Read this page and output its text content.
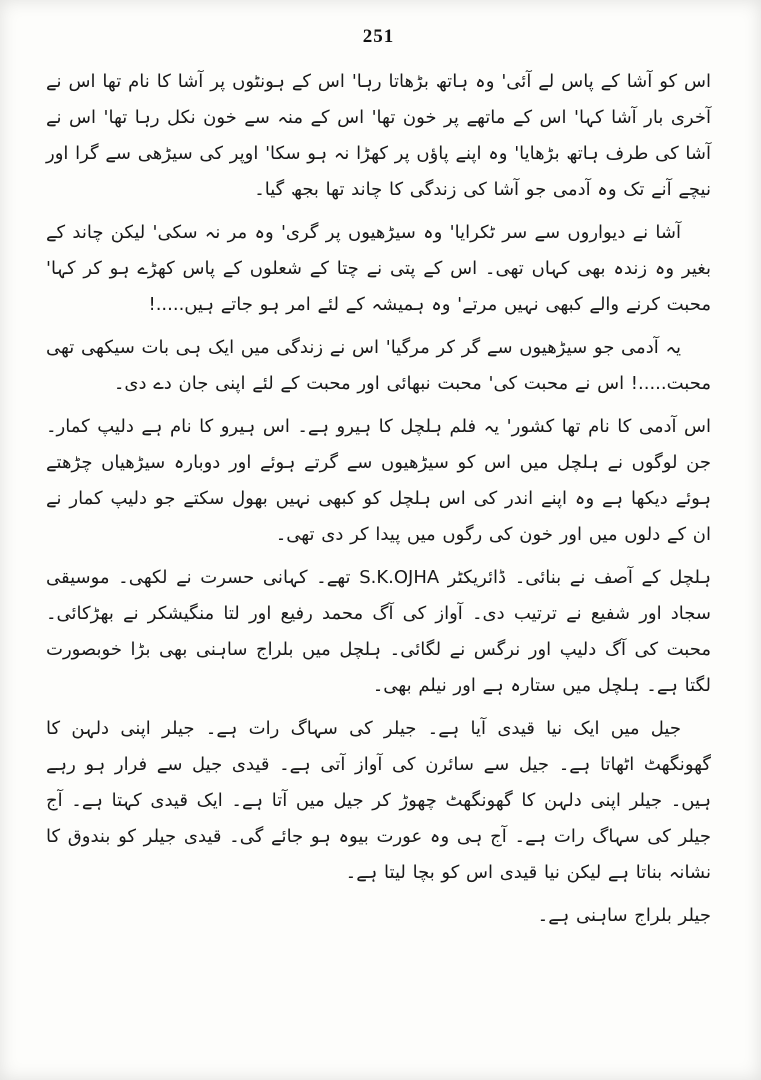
251

اس کو آشا کے پاس لے آئی' وہ ہاتھ بڑھاتا رہا' اس کے ہونٹوں پر آشا کا نام تھا اس نے آخری بار آشا کہا' اس کے ماتھے پر خون تھا' اس کے منہ سے خون نکل رہا تھا' اس نے آشا کی طرف ہاتھ بڑھایا' وہ اپنے پاؤں پر کھڑا نہ ہو سکا' اوپر کی سیڑھی سے گرا اور نیچے آنے تک وہ آدمی جو آشا کی زندگی کا چاند تھا بجھ گیا۔

آشا نے دیواروں سے سر ٹکرایا' وہ سیڑھیوں پر گری' وہ مر نہ سکی' لیکن چاند کے بغیر وہ زندہ بھی کہاں تھی۔ اس کے پتی نے چتا کے شعلوں کے پاس کھڑے ہو کر کہا' محبت کرنے والے کبھی نہیں مرتے' وہ ہمیشہ کے لئے امر ہو جاتے ہیں.....!

یہ آدمی جو سیڑھیوں سے گر کر مرگیا' اس نے زندگی میں ایک ہی بات سیکھی تھی محبت.....! اس نے محبت کی' محبت نبھائی اور محبت کے لئے اپنی جان دے دی۔

اس آدمی کا نام تھا کشور' یہ فلم ہلچل کا ہیرو ہے۔ اس ہیرو کا نام ہے دلیپ کمار۔ جن لوگوں نے ہلچل میں اس کو سیڑھیوں سے گرتے ہوئے اور دوبارہ سیڑھیاں چڑھتے ہوئے دیکھا ہے وہ اپنے اندر کی اس ہلچل کو کبھی نہیں بھول سکتے جو دلیپ کمار نے ان کے دلوں میں اور خون کی رگوں میں پیدا کر دی تھی۔

ہلچل کے آصف نے بنائی۔ ڈائریکٹر S.K.OJHA تھے۔ کہانی حسرت نے لکھی۔ موسیقی سجاد اور شفیع نے ترتیب دی۔ آواز کی آگ محمد رفیع اور لتا منگیشکر نے بھڑکائی۔ محبت کی آگ دلیپ اور نرگس نے لگائی۔ ہلچل میں بلراج ساہنی بھی بڑا خوبصورت لگتا ہے۔ ہلچل میں ستارہ ہے اور نیلم بھی۔

جیل میں ایک نیا قیدی آیا ہے۔ جیلر کی سہاگ رات ہے۔ جیلر اپنی دلہن کا گھونگھٹ اٹھاتا ہے۔ جیل سے سائرن کی آواز آتی ہے۔ قیدی جیل سے فرار ہو رہے ہیں۔ جیلر اپنی دلہن کا گھونگھٹ چھوڑ کر جیل میں آتا ہے۔ ایک قیدی کہتا ہے۔ آج جیلر کی سہاگ رات ہے۔ آج ہی وہ عورت بیوہ ہو جائے گی۔ قیدی جیلر کو بندوق کا نشانہ بناتا ہے لیکن نیا قیدی اس کو بچا لیتا ہے۔

جیلر بلراج ساہنی ہے۔
